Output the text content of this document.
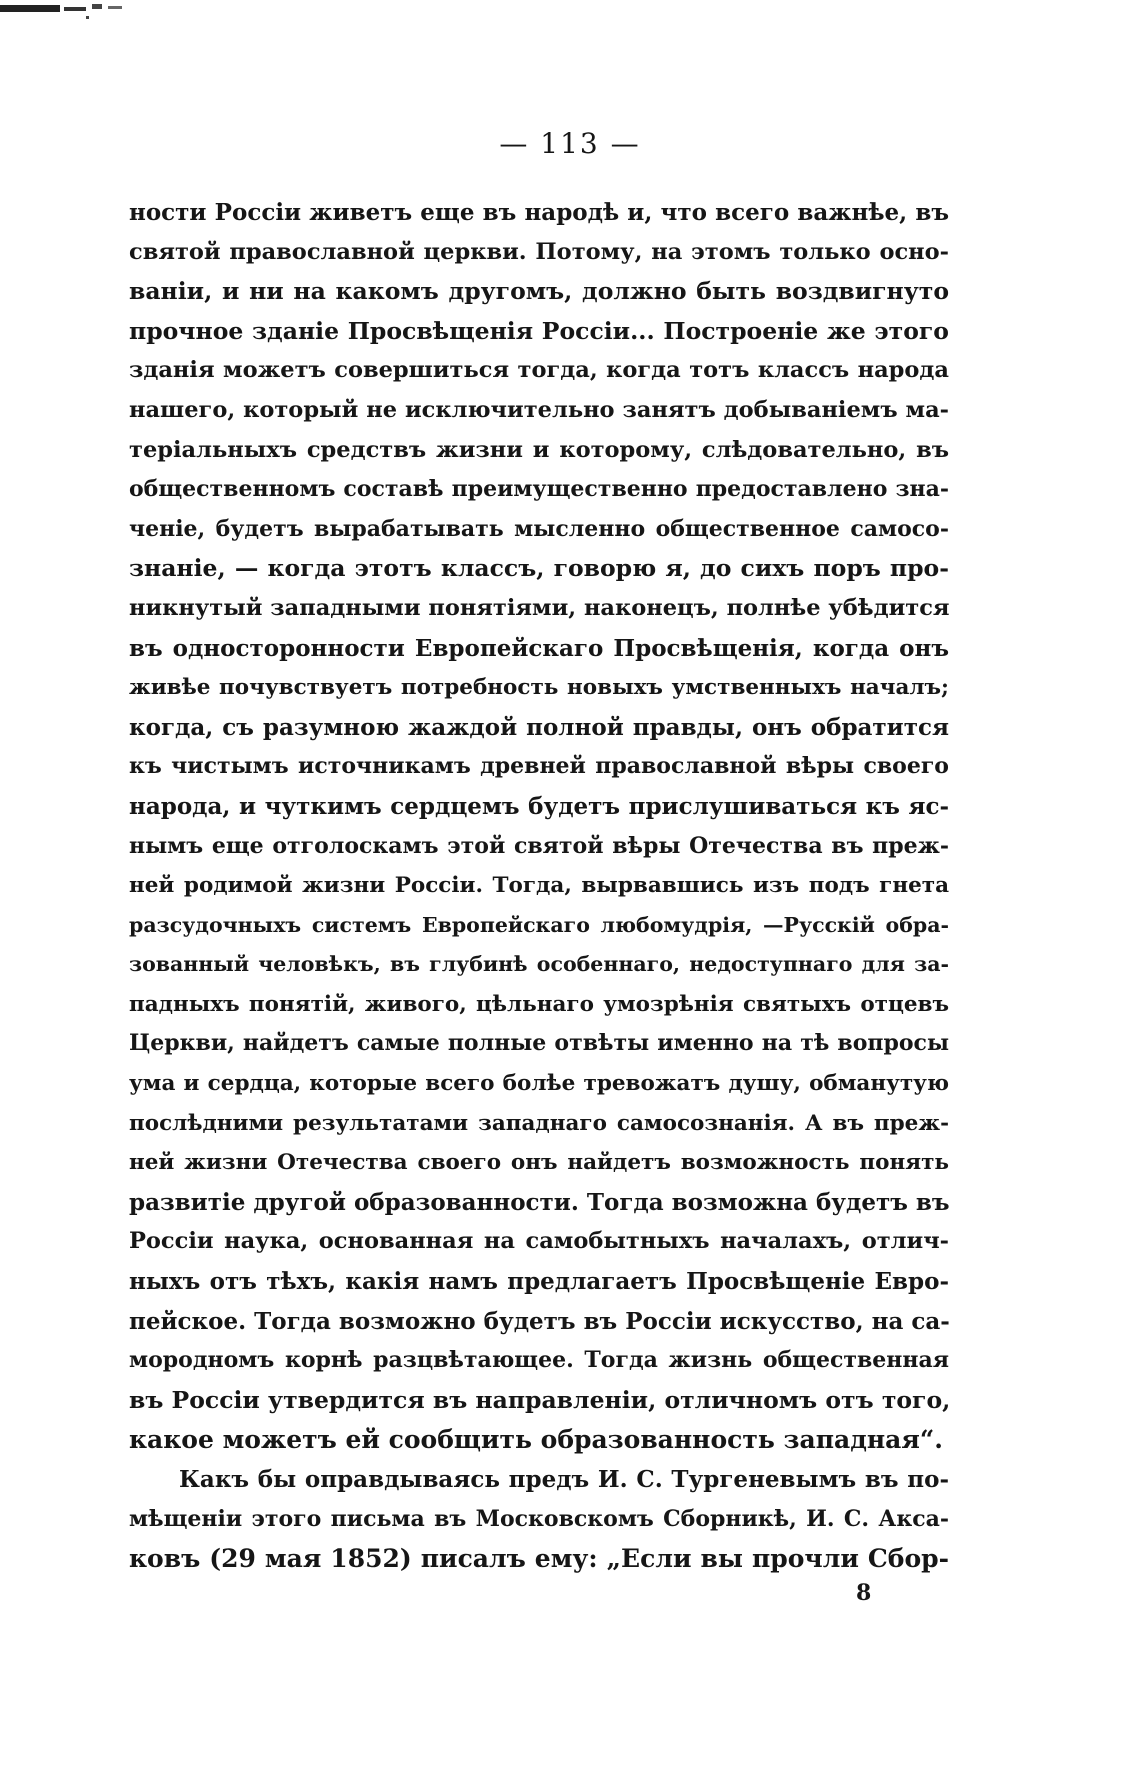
— 113 —
ности Россіи живетъ еще въ народѣ и, что всего важнѣе, въ
святой православной церкви. Потому, на этомъ только осно-
ваніи, и ни на какомъ другомъ, должно быть воздвигнуто
прочное зданіе Просвѣщенія Россіи... Построеніе же этого
зданія можетъ совершиться тогда, когда тотъ классъ народа
нашего, который не исключительно занятъ добываніемъ ма-
теріальныхъ средствъ жизни и которому, слѣдовательно, въ
общественномъ составѣ преимущественно предоставлено зна-
ченіе, будетъ вырабатывать мысленно общественное самосо-
знаніе, — когда этотъ классъ, говорю я, до сихъ поръ про-
никнутый западными понятіями, наконецъ, полнѣе убѣдится
въ односторонности Европейскаго Просвѣщенія, когда онъ
живѣе почувствуетъ потребность новыхъ умственныхъ началъ;
когда, съ разумною жаждой полной правды, онъ обратится
къ чистымъ источникамъ древней православной вѣры своего
народа, и чуткимъ сердцемъ будетъ прислушиваться къ яс-
нымъ еще отголоскамъ этой святой вѣры Отечества въ преж-
ней родимой жизни Россіи. Тогда, вырвавшись изъ подъ гнета
разсудочныхъ системъ Европейскаго любомудрія, —Русскій обра-
зованный человѣкъ, въ глубинѣ особеннаго, недоступнаго для за-
падныхъ понятій, живого, цѣльнаго умозрѣнія святыхъ отцевъ
Церкви, найдетъ самые полные отвѣты именно на тѣ вопросы
ума и сердца, которые всего болѣе тревожатъ душу, обманутую
послѣдними результатами западнаго самосознанія. А въ преж-
ней жизни Отечества своего онъ найдетъ возможность понять
развитіе другой образованности. Тогда возможна будетъ въ
Россіи наука, основанная на самобытныхъ началахъ, отлич-
ныхъ отъ тѣхъ, какія намъ предлагаетъ Просвѣщеніе Евро-
пейское. Тогда возможно будетъ въ Россіи искусство, на са-
мородномъ корнѣ разцвѣтающее. Тогда жизнь общественная
въ Россіи утвердится въ направленіи, отличномъ отъ того,
какое можетъ ей сообщить образованность западная“.
Какъ бы оправдываясь предъ И. С. Тургеневымъ въ по-
мѣщеніи этого письма въ Московскомъ Сборникѣ, И. С. Акса-
ковъ (29 мая 1852) писалъ ему: „Если вы прочли Сбор-
8
